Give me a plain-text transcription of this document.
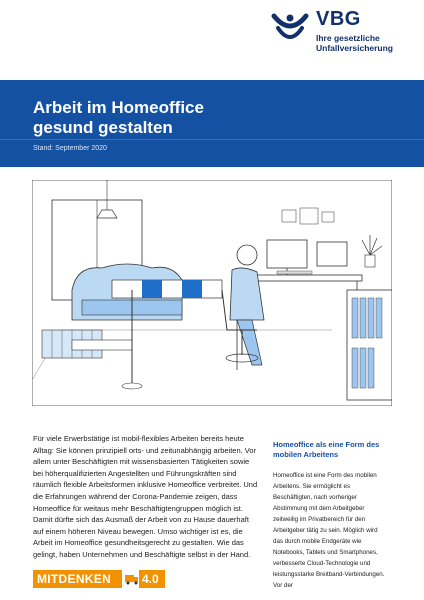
VBG
Ihre gesetzliche Unfallversicherung
Arbeit im Homeoffice
gesund gestalten
Stand: September 2020
Für viele Erwerbstätige ist mobil-flexibles Arbeiten bereits heute Alltag: Sie können prinzipiell orts- und zeitunabhängig arbeiten. Vor allem unter Beschäftigten mit wissensbasierten Tätigkeiten sowie bei höherqualifizierten Angestellten und Führungskräften sind räumlich flexible Arbeitsformen inklusive Homeoffice verbreitet. Und die Erfahrungen während der Corona-Pandemie zeigen, dass Homeoffice für weitaus mehr Beschäftigtengruppen möglich ist. Damit dürfte sich das Ausmaß der Arbeit von zu Hause dauerhaft auf einem höheren Niveau bewegen. Umso wichtiger ist es, die Arbeit im Homeoffice gesundheitsgerecht zu gestalten. Wie das gelingt, haben Unternehmen und Beschäftigte selbst in der Hand.
Homeoffice als eine Form des mobilen Arbeitens
Homeoffice ist eine Form des mobilen Arbeitens. Sie ermöglicht es Beschäftigten, nach vorheriger Abstimmung mit dem Arbeitgeber zeitweilig im Privatbereich für den Arbeitgeber tätig zu sein. Möglich wird das durch mobile Endgeräte wie Notebooks, Tablets und Smartphones, verbesserte Cloud-Technologie und leistungsstarke Breitband-Verbindungen. Vor der
MITDENKEN	4.0
